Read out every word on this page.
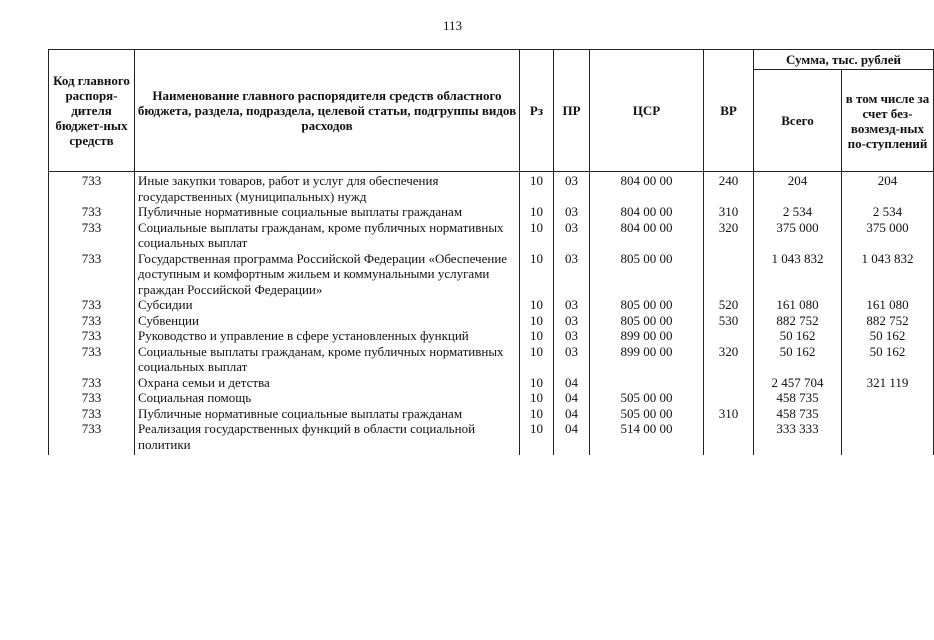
113
Код главного распоря-дителя бюджет-ных средств	Наименование главного распорядителя средств областного бюджета, раздела, подраздела, целевой статьи, подгруппы видов расходов	Рз	ПР	ЦСР	ВР	Сумма, тыс. рублей	
						Всего	в том числе за счет без-возмезд-ных по-ступлений
733	Иные закупки товаров, работ и услуг для обеспечения государственных (муниципальных) нужд	10	03	804 00 00	240	204	204
733	Публичные нормативные социальные выплаты гражданам	10	03	804 00 00	310	2 534	2 534
733	Социальные выплаты гражданам, кроме публичных нормативных социальных выплат	10	03	804 00 00	320	375 000	375 000
733	Государственная программа Российской Федерации «Обеспечение доступным и комфортным жильем и коммунальными услугами граждан Российской Федерации»	10	03	805 00 00		1 043 832	1 043 832
733	Субсидии	10	03	805 00 00	520	161 080	161 080
733	Субвенции	10	03	805 00 00	530	882 752	882 752
733	Руководство и управление в сфере установленных функций	10	03	899 00 00		50 162	50 162
733	Социальные выплаты гражданам, кроме публичных нормативных социальных выплат	10	03	899 00 00	320	50 162	50 162
733	Охрана семьи и детства	10	04			2 457 704	321 119
733	Социальная помощь	10	04	505 00 00		458 735	
733	Публичные нормативные социальные выплаты гражданам	10	04	505 00 00	310	458 735	
733	Реализация государственных функций в области социальной политики	10	04	514 00 00		333 333	
